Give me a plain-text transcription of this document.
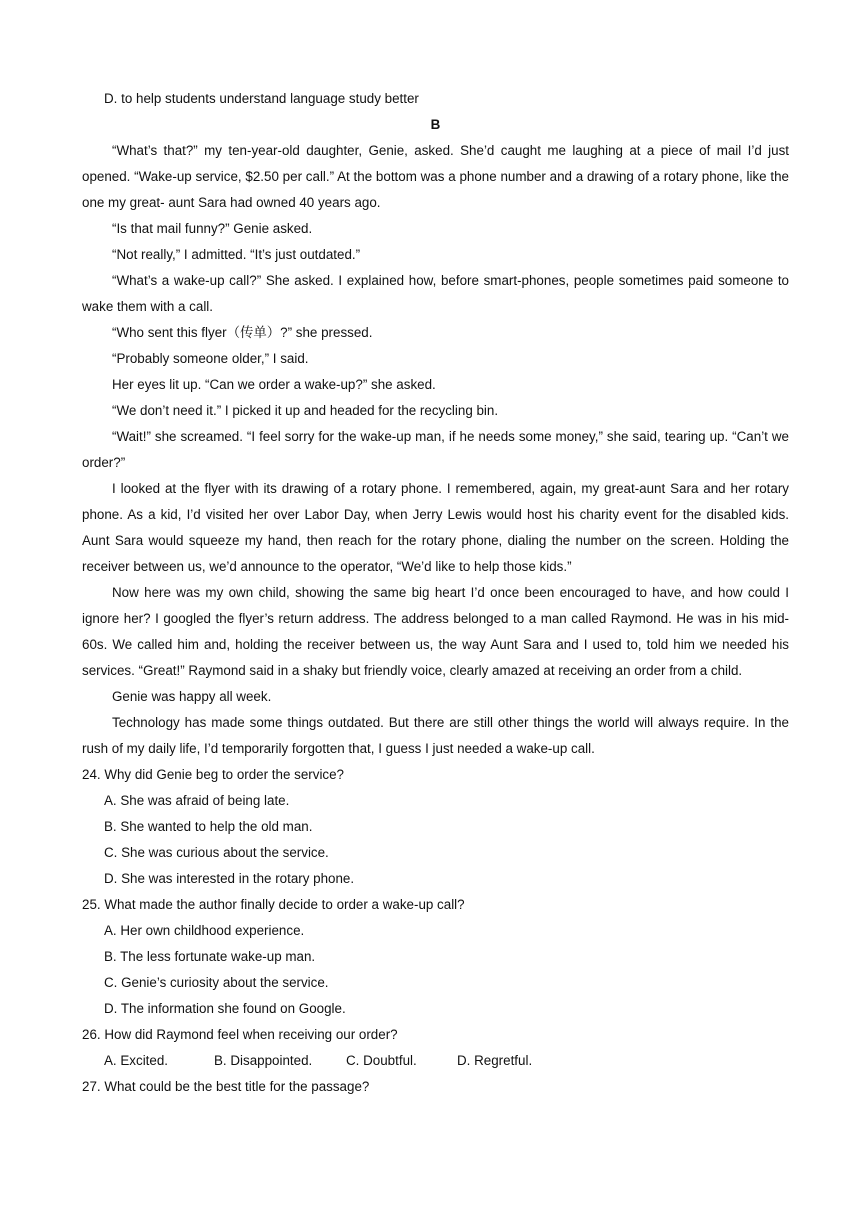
D. to help students understand language study better

B

“What’s that?” my ten-year-old daughter, Genie, asked. She’d caught me laughing at a piece of mail I’d just opened. “Wake-up service, $2.50 per call.” At the bottom was a phone number and a drawing of a rotary phone, like the one my great- aunt Sara had owned 40 years ago.

“Is that mail funny?” Genie asked.

“Not really,” I admitted. “It’s just outdated.”

“What’s a wake-up call?” She asked. I explained how, before smart-phones, people sometimes paid someone to wake them with a call.

“Who sent this flyer（传单）?” she pressed.

“Probably someone older,” I said.

Her eyes lit up. “Can we order a wake-up?” she asked.

“We don’t need it.” I picked it up and headed for the recycling bin.

“Wait!” she screamed. “I feel sorry for the wake-up man, if he needs some money,” she said, tearing up. “Can’t we order?”

I looked at the flyer with its drawing of a rotary phone. I remembered, again, my great-aunt Sara and her rotary phone. As a kid, I’d visited her over Labor Day, when Jerry Lewis would host his charity event for the disabled kids. Aunt Sara would squeeze my hand, then reach for the rotary phone, dialing the number on the screen. Holding the receiver between us, we’d announce to the operator, “We’d like to help those kids.”

Now here was my own child, showing the same big heart I’d once been encouraged to have, and how could I ignore her? I googled the flyer’s return address. The address belonged to a man called Raymond. He was in his mid-60s. We called him and, holding the receiver between us, the way Aunt Sara and I used to, told him we needed his services. “Great!” Raymond said in a shaky but friendly voice, clearly amazed at receiving an order from a child.

Genie was happy all week.

Technology has made some things outdated. But there are still other things the world will always require. In the rush of my daily life, I’d temporarily forgotten that, I guess I just needed a wake-up call.

24. Why did Genie beg to order the service?

A. She was afraid of being late.

B. She wanted to help the old man.

C. She was curious about the service.

D. She was interested in the rotary phone.

25. What made the author finally decide to order a wake-up call?

A. Her own childhood experience.

B. The less fortunate wake-up man.

C. Genie’s curiosity about the service.

D. The information she found on Google.

26. How did Raymond feel when receiving our order?

A. Excited.	B. Disappointed.	C. Doubtful.	D. Regretful.

27. What could be the best title for the passage?
